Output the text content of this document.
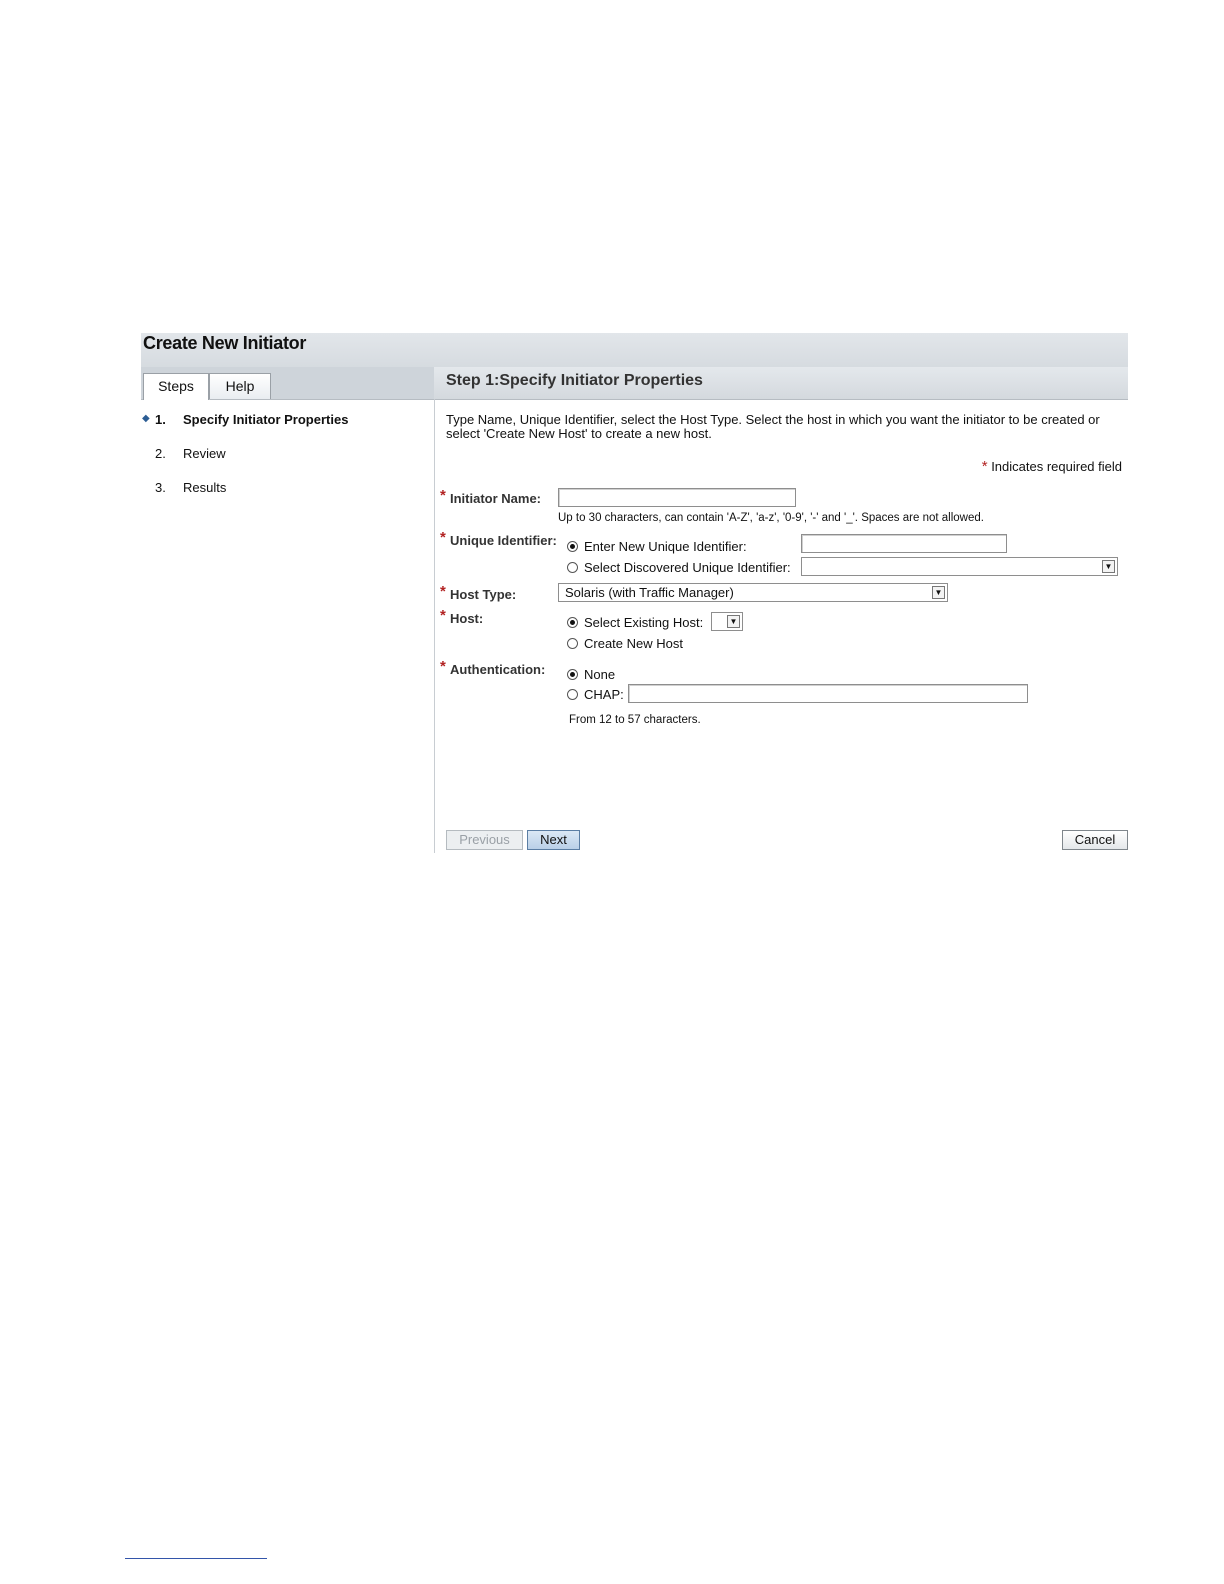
Create New Initiator
Steps	Help	Step 1:Specify Initiator Properties
◆ 1. Specify Initiator Properties
2. Review
3. Results
Type Name, Unique Identifier, select the Host Type. Select the host in which you want the initiator to be created or select 'Create New Host' to create a new host.
* Indicates required field
* Initiator Name:
Up to 30 characters, can contain 'A-Z', 'a-z', '0-9', '-' and '_'. Spaces are not allowed.
* Unique Identifier:	Enter New Unique Identifier:
Select Discovered Unique Identifier:	▼
* Host Type:	Solaris (with Traffic Manager)	▼
* Host:	Select Existing Host:	▼
Create New Host
* Authentication:	None
CHAP:
From 12 to 57 characters.
Previous	Next	Cancel
